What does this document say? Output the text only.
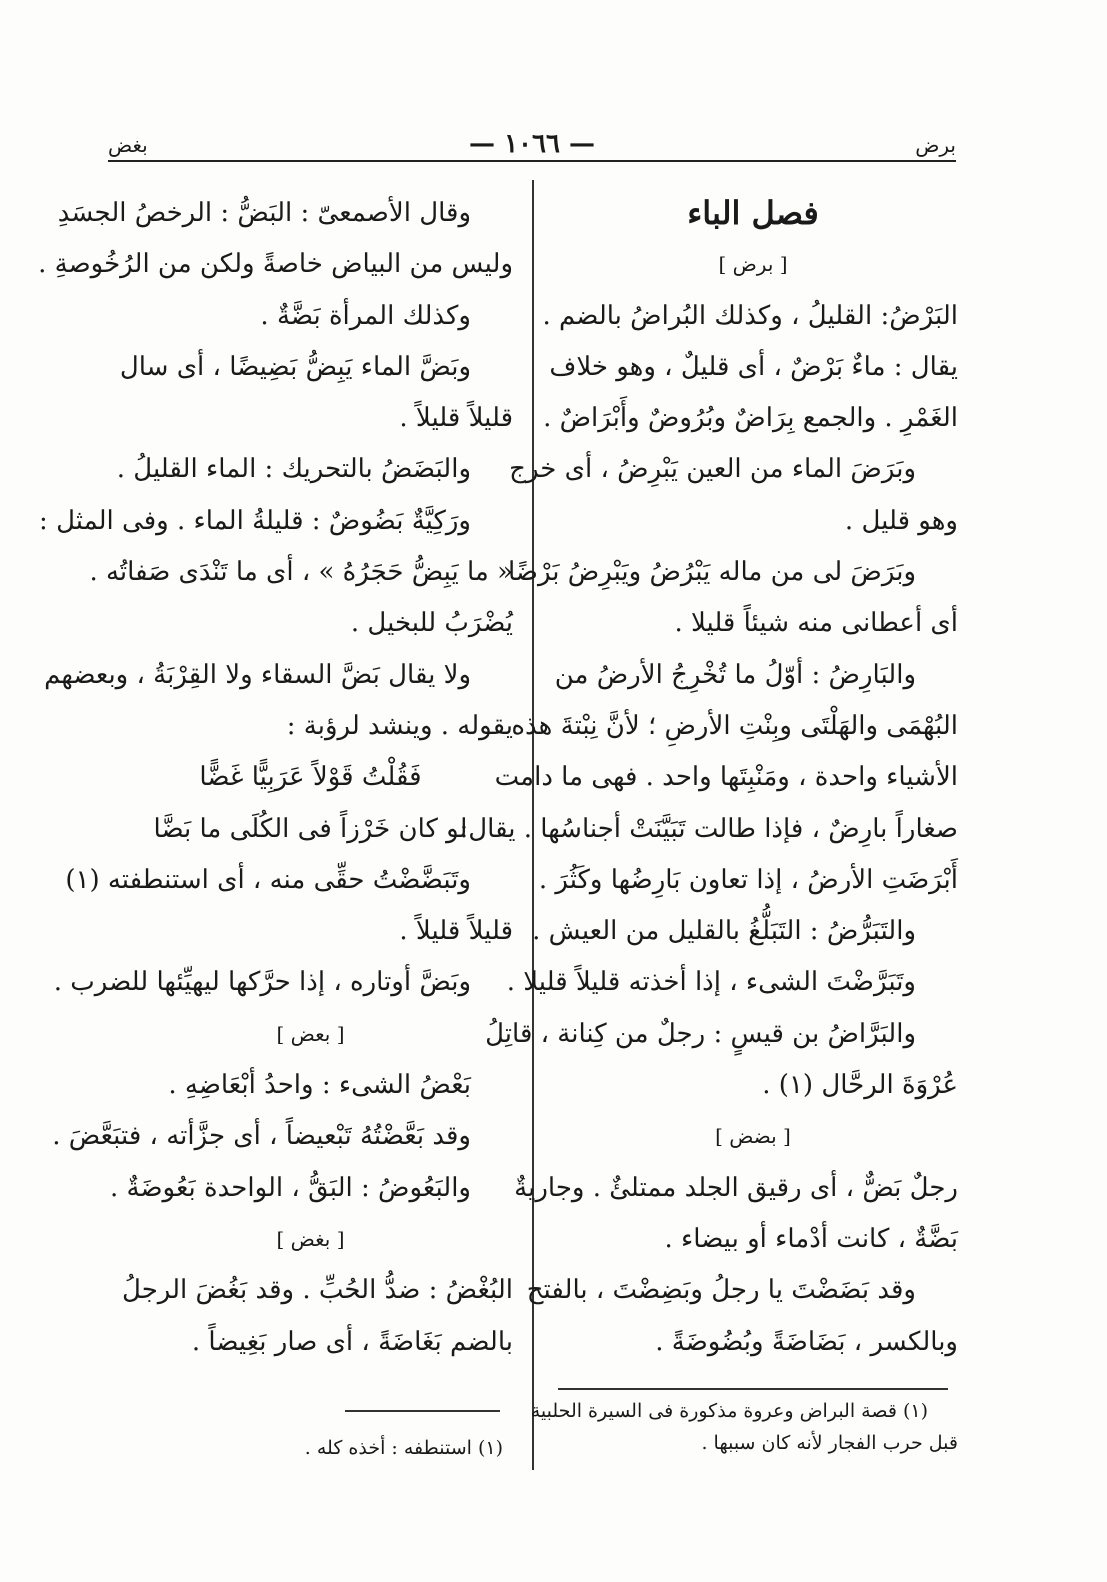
برض
— ١٠٦٦ —
بغض

فصل الباء

[ برض ]

البَرْضُ: القليلُ ، وكذلك البُراضُ بالضم .

يقال : ماءٌ بَرْضٌ ، أى قليلٌ ، وهو خلاف

الغَمْرِ . والجمع بِرَاضٌ وبُرُوضٌ وأَبْرَاضٌ .

وبَرَضَ الماء من العين يَبْرِضُ ، أى خرج

وهو قليل .

وبَرَضَ لى من ماله يَبْرُضُ ويَبْرِضُ بَرْضًا

أى أعطانى منه شيئاً قليلا .

والبَارِضُ : أوّلُ ما تُخْرِجُ الأرضُ من

البُهْمَى والهَلْتَى وبِنْتِ الأرضِ ؛ لأنَّ نِبْتةَ هذه

الأشياء واحدة ، ومَنْبِتَها واحد . فهى ما دامت

صغاراً بارِضٌ ، فإذا طالت تَبَيَّنَتْ أجناسُها . يقال:

أَبْرَضَتِ الأرضُ ، إذا تعاون بَارِضُها وكَثُرَ .

والتَبَرُّضُ : التَبَلُّغُ بالقليل من العيش .

وتَبَرَّضْتَ الشىء ، إذا أخذته قليلاً قليلا .

والبَرَّاضُ بن قيسٍ : رجلٌ من كِنانة ، قاتِلُ

عُرْوَةَ الرحَّال (١) .

[ بضض ]

رجلٌ بَضٌّ ، أى رقيق الجلد ممتلئٌ . وجاريةٌ

بَضَّةٌ ، كانت أدْماء أو بيضاء .

وقد بَضَضْتَ يا رجلُ وبَضِضْتَ ، بالفتح

وبالكسر ، بَضَاضَةً وبُضُوضَةً .

(١) قصة البراض وعروة مذكورة فى السيرة الحلبية

قبل حرب الفجار لأنه كان سببها .

وقال الأصمعىّ : البَضُّ : الرخصُ الجسَدِ

وليس من البياض خاصةً ولكن من الرُخُوصةِ .

وكذلك المرأة بَضَّةٌ .

وبَضَّ الماء يَبِضُّ بَضِيضًا ، أى سال

قليلاً قليلاً .

والبَضَضُ بالتحريك : الماء القليلُ .

ورَكِيَّةٌ بَضُوضٌ : قليلةُ الماء . وفى المثل :

« ما يَبِضُّ حَجَرُهُ » ، أى ما تَنْدَى صَفاتُه .

يُضْرَبُ للبخيل .

ولا يقال بَضَّ السقاء ولا القِرْبَةُ ، وبعضهم

يقوله . وينشد لرؤبة :

فَقُلْتُ قَوْلاً عَرَبِيًّا غَضًّا

لو كان خَرْزاً فى الكُلَى ما بَضَّا

وتَبَضَّضْتُ حقِّى منه ، أى استنطفته (١)

قليلاً قليلاً .

وبَضَّ أوتاره ، إذا حرَّكها ليهيِّئها للضرب .

[ بعض ]

بَعْضُ الشىء : واحدُ أبْعَاضِهِ .

وقد بَعَّضْتُهُ تَبْعيضاً ، أى جزَّأته ، فتبَعَّضَ .

والبَعُوضُ : البَقُّ ، الواحدة بَعُوضَةٌ .

[ بغض ]

البُغْضُ : ضدُّ الحُبِّ . وقد بَغُضَ الرجلُ

بالضم بَغَاضَةً ، أى صار بَغِيضاً .

(١) استنطفه : أخذه كله .
